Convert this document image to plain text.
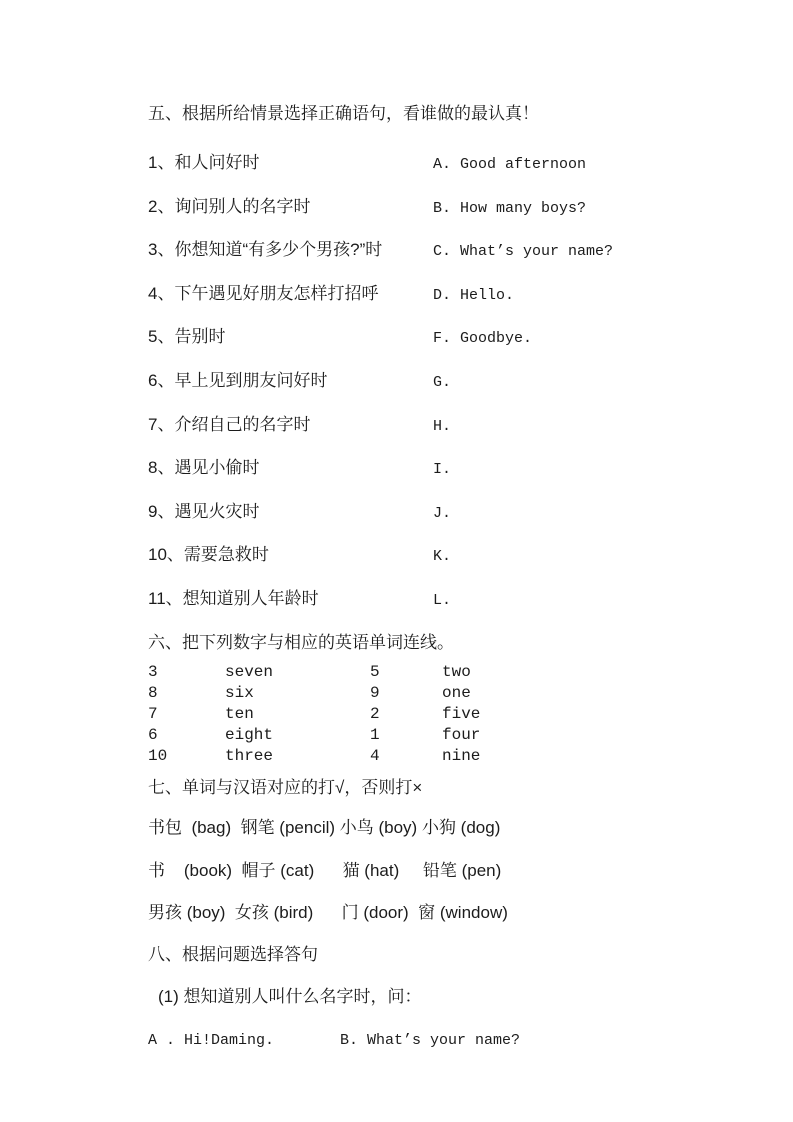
五、根据所给情景选择正确语句，看谁做的最认真！
1、和人问好时	A. Good afternoon
2、询问别人的名字时	B. How many boys?
3、你想知道“有多少个男孩?”时	C. What’s your name?
4、下午遇见好朋友怎样打招呼	D. Hello.
5、告别时	F. Goodbye.
6、早上见到朋友问好时	G.
7、介绍自己的名字时	H.
8、遇见小偷时	I.
9、遇见火灾时	J.
10、需要急救时	K.
11、想知道别人年龄时	L.
六、把下列数字与相应的英语单词连线。
3	seven	5	two
8	six	9	one
7	ten	2	five
6	eight	1	four
10	three	4	nine
七、单词与汉语对应的打√，否则打×
书包  (bag)  钢笔 (pencil) 小鸟 (boy) 小狗 (dog)
书    (book)  帽子 (cat)      猫 (hat)     铅笔 (pen)
男孩 (boy)  女孩 (bird)      门 (door)  窗 (window)
八、根据问题选择答句
(1) 想知道别人叫什么名字时，问：
A . Hi!Daming.	B. What’s your name?
